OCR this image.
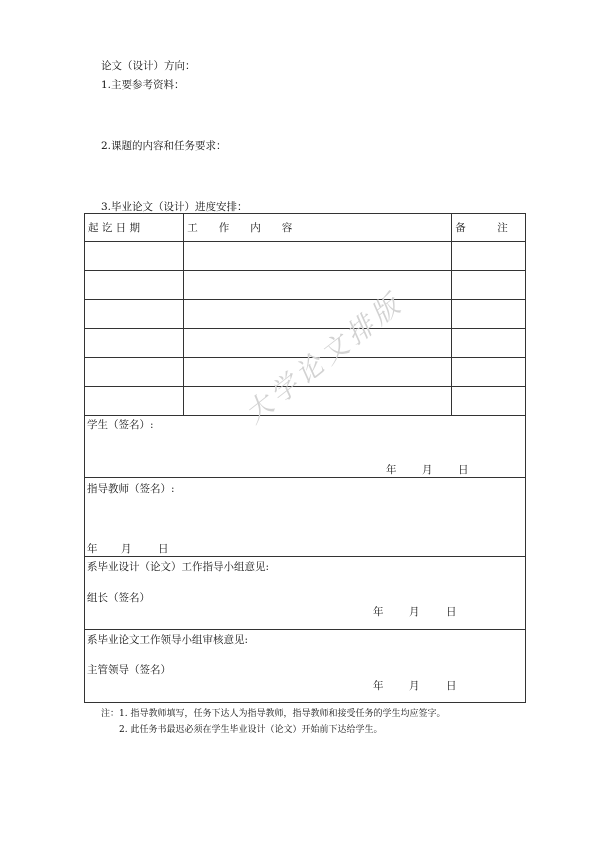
论文（设计）方向：
1.主要参考资料：
2.课题的内容和任务要求：
3.毕业论文（设计）进度安排：
起 讫 日 期	工　　作　　内　　容	备　　　注

学生（签名）:
年 月 日
指导教师（签名）:
年 月	日
系毕业设计（论文）工作指导小组意见:
组长（签名）
年 月	日
系毕业论文工作领导小组审核意见:
主管领导（签名）
年 月	日
注：1. 指导教师填写，任务下达人为指导教师，指导教师和接受任务的学生均应签字。
2. 此任务书最迟必须在学生毕业设计（论文）开始前下达给学生。
大学论文排版
